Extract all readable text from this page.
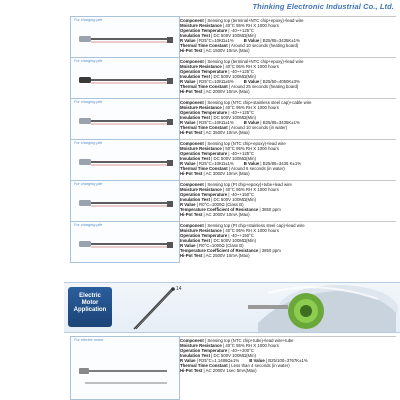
Thinking Electronic Industrial Co., Ltd.
For charging pile
For charging pile
For charging pile
For charging pile
For charging pile
For charging pile
Electric
Motor
Application
14
For electric motor	Component | Sensing top (NTC chip+tube)+lead wire+tube
Moisture Resistance | 40°C 95% RH X 1000 hours
Operation Temperature | -40~+200°C
Insulation Test | DC 500V 100MΩ(Min)
R Value | R25°C=1.1486Ω±1% B Value | B25/100=3767K±1%
Thermal Time Constant | Less than 4 seconds (in water)
Hi-Pot Test | AC 2000V 1sec 5mA(Max)
Component | Sensing top (terminal+NTC chip+epoxy)+lead wire
Moisture Resistance | 40°C 95% RH X 1000 hours
Operation Temperature | -40~+125°C
Insulation Test | DC 500V 100MΩ(Min)
R Value | R25°C=10KΩ±1% B Value | B25/85=3435K±1%
Thermal Time Constant | Around 10 seconds (heating board)
Hi-Pot Test | AC 1500V 10mA (Max)
Component | Sensing top (terminal+NTC chip+epoxy)+lead wire
Moisture Resistance | 40°C 95% RH X 1000 hours
Operation Temperature | -40~+125°C
Insulation Test | DC 500V 100MΩ(Min)
R Value | R25°C=10KΩ±5% B Value | B25/50=4050K±3%
Thermal Time Constant | Around 25 seconds (heating board)
Hi-Pot Test | AC 2000V 10mA (Max)
Component | Sensing top (NTC chip+stainless steel cap)+cable wire
Moisture Resistance | 40°C 95% RH X 1000 hours
Operation Temperature | -40~+125°C
Insulation Test | DC 500V 100MΩ(Min)
R Value | R25°C=10KΩ±1% B Value | B25/85=3435K±1%
Thermal Time Constant | Around 10 seconds (in water)
Hi-Pot Test | AC 3500V 10mA (Max)
Component | Sensing top (NTC chip+epoxy)+lead wire
Moisture Resistance | 50°C 95% RH X 1000 hours
Operation Temperature | -40~+125°C
Insulation Test | DC 500V 100MΩ(Min)
R Value | R25°C=10KΩ±1% B Value | B25/85=3435 K±1%
Thermal Time Constant | Around 6 seconds (in water)
Hi-Pot Test | AC 3000V 10mA (Max)
Component | Sensing top (Pt chip+epoxy)+tube+lead wire
Moisture Resistance | 40°C 95% RH X 1000 hours
Operation Temperature | -40~+150°C
Insulation Test | DC 500V 100MΩ(Min)
R Value | R0°C=1000Ω (Class B)
Temperature Coefficient of Resistance | 3850 ppm
Hi-Pot Test | AC 3000V 10mA (Max)
Component | Sensing top (Pt chip+stainless steel cap)+lead wire
Moisture Resistance | 40°C 95% RH X 1000 hours
Operation Temperature | -40~+150°C
Insulation Test | DC 500V 100MΩ(Min)
R Value | R0°C=1000Ω (Class B)
Temperature Coefficient of Resistance | 3850 ppm
Hi-Pot Test | AC 2500V 10mA (Max)
